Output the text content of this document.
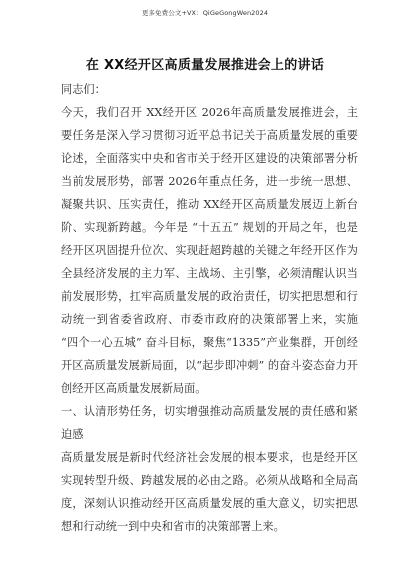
更多免费公文+VX：QiGeGongWen2024
在 XX经开区高质量发展推进会上的讲话

同志们：

今天，我们召开 XX经开区 2026年高质量发展推进会，主要任务是深入学习贯彻习近平总书记关于高质量发展的重要论述，全面落实中央和省市关于经开区建设的决策部署分析当前发展形势，部署 2026年重点任务，进一步统一思想、凝聚共识、压实责任，推动 XX经开区高质量发展迈上新台阶、实现新跨越。今年是 “十五五” 规划的开局之年，也是经开区巩固提升位次、实现赶超跨越的关键之年经开区作为全县经济发展的主力军、主战场、主引擎，必须清醒认识当前发展形势，扛牢高质量发展的政治责任，切实把思想和行动统一到省委省政府、市委市政府的决策部署上来，实施 “四个一心五城” 奋斗目标，聚焦“1335”产业集群，开创经开区高质量发展新局面，以“起步即冲刺” 的奋斗姿态奋力开创经开区高质量发展新局面。

一、认清形势任务，切实增强推动高质量发展的责任感和紧迫感

高质量发展是新时代经济社会发展的根本要求，也是经开区实现转型升级、跨越发展的必由之路。必须从战略和全局高度，深刻认识推动经开区高质量发展的重大意义，切实把思想和行动统一到中央和省市的决策部署上来。
